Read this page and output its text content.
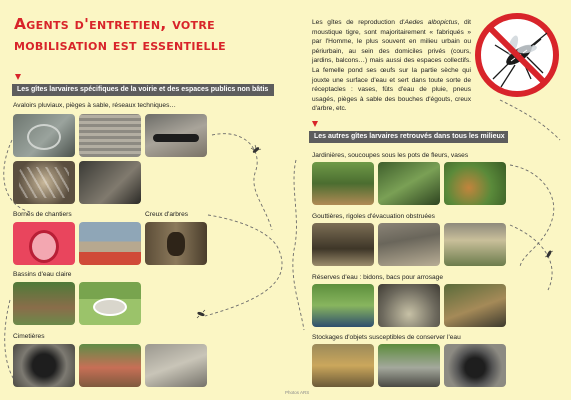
Agents d'entretien, votre
mobilisation est essentielle
Les gîtes larvaires spécifiques de la voirie et des espaces publics non bâtis
Avaloirs pluviaux, pièges à sable, réseaux techniques…
Bornes de chantiers	Creux d'arbres
Bassins d'eau claire
Cimetières
Les gîtes de reproduction d'Aedes albopictus, dit moustique tigre, sont majoritairement « fabriqués » par l'Homme, le plus souvent en milieu urbain ou périurbain, au sein des domiciles privés (cours, jardins, balcons…) mais aussi des espaces collectifs. La femelle pond ses œufs sur la partie sèche qui jouxte une surface d'eau et sert dans toute sorte de réceptacles : vases, fûts d'eau de pluie, pneus usagés, pièges à sable des bouches d'égouts, creux d'arbre, etc.
Les autres gîtes larvaires retrouvés dans tous les milieux
Jardinières, soucoupes sous les pots de fleurs, vases
Gouttières, rigoles d'évacuation obstruées
Réserves d'eau : bidons, bacs pour arrosage
Stockages d'objets susceptibles de conserver l'eau
Photos ARS
